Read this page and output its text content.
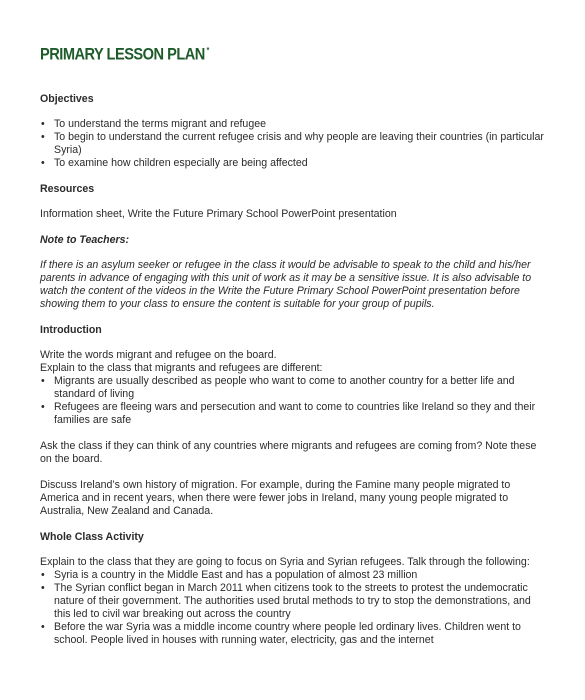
PRIMARY LESSON PLAN *
Objectives
• To understand the terms migrant and refugee
• To begin to understand the current refugee crisis and why people are leaving their countries (in particular Syria)
• To examine how children especially are being affected
Resources

Information sheet, Write the Future Primary School PowerPoint presentation

Note to Teachers:

If there is an asylum seeker or refugee in the class it would be advisable to speak to the child and his/her parents in advance of engaging with this unit of work as it may be a sensitive issue. It is also advisable to watch the content of the videos in the Write the Future Primary School PowerPoint presentation before showing them to your class to ensure the content is suitable for your group of pupils.

Introduction

Write the words migrant and refugee on the board.

Explain to the class that migrants and refugees are different:

• Migrants are usually described as people who want to come to another country for a better life and standard of living
• Refugees are fleeing wars and persecution and want to come to countries like Ireland so they and their families are safe

Ask the class if they can think of any countries where migrants and refugees are coming from? Note these on the board.

Discuss Ireland’s own history of migration. For example, during the Famine many people migrated to America and in recent years, when there were fewer jobs in Ireland, many young people migrated to Australia, New Zealand and Canada.

Whole Class Activity

Explain to the class that they are going to focus on Syria and Syrian refugees. Talk through the following:

• Syria is a country in the Middle East and has a population of almost 23 million
• The Syrian conflict began in March 2011 when citizens took to the streets to protest the undemocratic nature of their government. The authorities used brutal methods to try to stop the demonstrations, and this led to civil war breaking out across the country
• Before the war Syria was a middle income country where people led ordinary lives. Children went to school. People lived in houses with running water, electricity, gas and the internet
